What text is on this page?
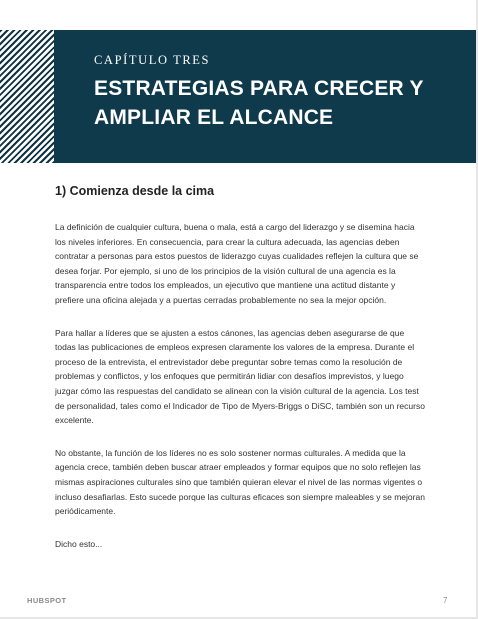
CAPÍTULO TRES

ESTRATEGIAS PARA CRECER Y AMPLIAR EL ALCANCE
1) Comienza desde la cima

La definición de cualquier cultura, buena o mala, está a cargo del liderazgo y se disemina hacia los niveles inferiores. En consecuencia, para crear la cultura adecuada, las agencias deben contratar a personas para estos puestos de liderazgo cuyas cualidades reflejen la cultura que se desea forjar. Por ejemplo, si uno de los principios de la visión cultural de una agencia es la transparencia entre todos los empleados, un ejecutivo que mantiene una actitud distante y prefiere una oficina alejada y a puertas cerradas probablemente no sea la mejor opción.

Para hallar a líderes que se ajusten a estos cánones, las agencias deben asegurarse de que todas las publicaciones de empleos expresen claramente los valores de la empresa. Durante el proceso de la entrevista, el entrevistador debe preguntar sobre temas como la resolución de problemas y conflictos, y los enfoques que permitirán lidiar con desafíos imprevistos, y luego juzgar cómo las respuestas del candidato se alinean con la visión cultural de la agencia. Los test de personalidad, tales como el Indicador de Tipo de Myers-Briggs o DiSC, también son un recurso excelente.

No obstante, la función de los líderes no es solo sostener normas culturales. A medida que la agencia crece, también deben buscar atraer empleados y formar equipos que no solo reflejen las mismas aspiraciones culturales sino que también quieran elevar el nivel de las normas vigentes o incluso desafiarlas. Esto sucede porque las culturas eficaces son siempre maleables y se mejoran periódicamente.

Dicho esto...

HUBSPOT	7
